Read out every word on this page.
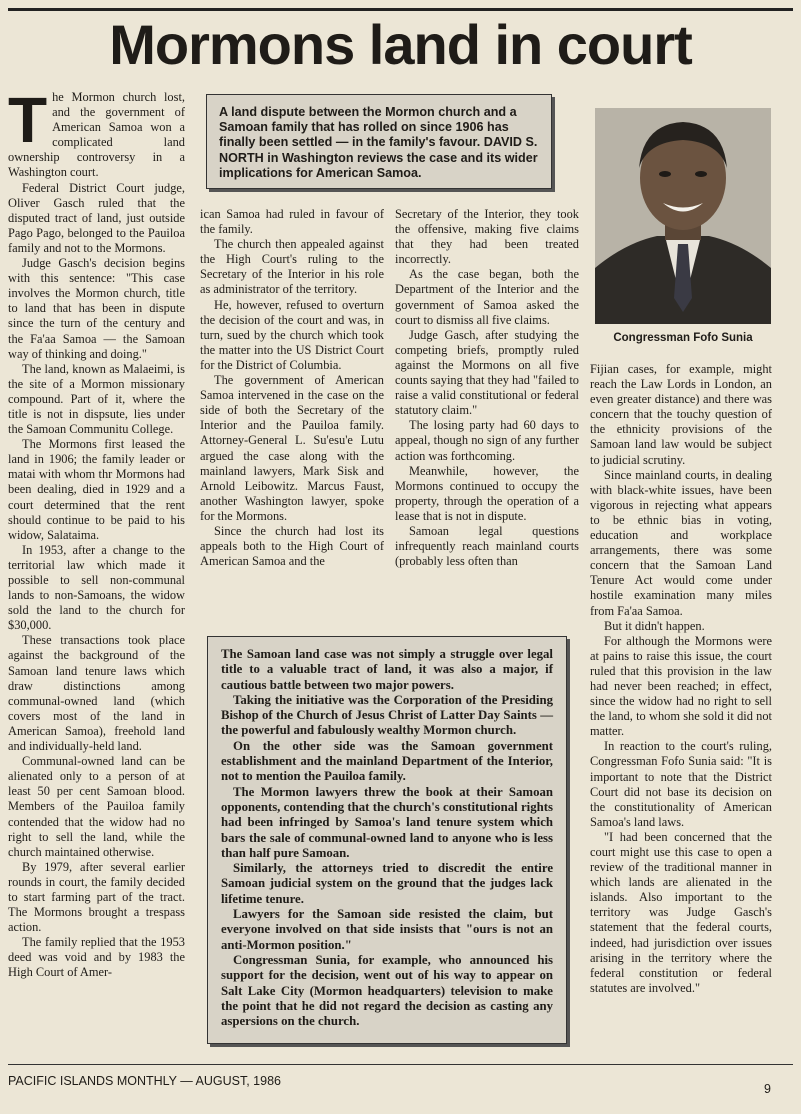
Mormons land in court
T he Mormon church lost, and the government of American Samoa won a complicated land ownership controversy in a Washington court.

Federal District Court judge, Oliver Gasch ruled that the disputed tract of land, just outside Pago Pago, belonged to the Pauiloa family and not to the Mormons.

Judge Gasch's decision begins with this sentence: "This case involves the Mormon church, title to land that has been in dispute since the turn of the century and the Fa'aa Samoa — the Samoan way of thinking and doing."

The land, known as Malaeimi, is the site of a Mormon missionary compound. Part of it, where the title is not in dispsute, lies under the Samoan Communitu College.

The Mormons first leased the land in 1906; the family leader or matai with whom thr Mormons had been dealing, died in 1929 and a court determined that the rent should continue to be paid to his widow, Salataima.

In 1953, after a change to the territorial law which made it possible to sell non-communal lands to non-Samoans, the widow sold the land to the church for $30,000.

These transactions took place against the background of the Samoan land tenure laws which draw distinctions among communal-owned land (which covers most of the land in American Samoa), freehold land and individually-held land.

Communal-owned land can be alienated only to a person of at least 50 per cent Samoan blood. Members of the Pauiloa family contended that the widow had no right to sell the land, while the church maintained otherwise.

By 1979, after several earlier rounds in court, the family decided to start farming part of the tract. The Mormons brought a trespass action.

The family replied that the 1953 deed was void and by 1983 the High Court of Amer-

A land dispute between the Mormon church and a Samoan family that has rolled on since 1906 has finally been settled — in the family's favour. DAVID S. NORTH in Washington reviews the case and its wider implications for American Samoa.

ican Samoa had ruled in favour of the family.

The church then appealed against the High Court's ruling to the Secretary of the Interior in his role as administrator of the territory.

He, however, refused to overturn the decision of the court and was, in turn, sued by the church which took the matter into the US District Court for the District of Columbia.

The government of American Samoa intervened in the case on the side of both the Secretary of the Interior and the Pauiloa family. Attorney-General L. Su'esu'e Lutu argued the case along with the mainland lawyers, Mark Sisk and Arnold Leibowitz. Marcus Faust, another Washington lawyer, spoke for the Mormons.

Since the church had lost its appeals both to the High Court of American Samoa and the

Secretary of the Interior, they took the offensive, making five claims that they had been treated incorrectly.

As the case began, both the Department of the Interior and the government of Samoa asked the court to dismiss all five claims.

Judge Gasch, after studying the competing briefs, promptly ruled against the Mormons on all five counts saying that they had "failed to raise a valid constitutional or federal statutory claim."

The losing party had 60 days to appeal, though no sign of any further action was forthcoming.

Meanwhile, however, the Mormons continued to occupy the property, through the operation of a lease that is not in dispute.

Samoan legal questions infrequently reach mainland courts (probably less often than

Congressman Fofo Sunia

Fijian cases, for example, might reach the Law Lords in London, an even greater distance) and there was concern that the touchy question of the ethnicity provisions of the Samoan land law would be subject to judicial scrutiny.

Since mainland courts, in dealing with black-white issues, have been vigorous in rejecting what appears to be ethnic bias in voting, education and workplace arrangements, there was some concern that the Samoan Land Tenure Act would come under hostile examination many miles from Fa'aa Samoa.

But it didn't happen.

For although the Mormons were at pains to raise this issue, the court ruled that this provision in the law had never been reached; in effect, since the widow had no right to sell the land, to whom she sold it did not matter.

In reaction to the court's ruling, Congressman Fofo Sunia said: "It is important to note that the District Court did not base its decision on the constitutionality of American Samoa's land laws.

"I had been concerned that the court might use this case to open a review of the traditional manner in which lands are alienated in the islands. Also important to the territory was Judge Gasch's statement that the federal courts, indeed, had jurisdiction over issues arising in the territory where the federal constitution or federal statutes are involved."

The Samoan land case was not simply a struggle over legal title to a valuable tract of land, it was also a major, if cautious battle between two major powers.

Taking the initiative was the Corporation of the Presiding Bishop of the Church of Jesus Christ of Latter Day Saints — the powerful and fabulously wealthy Mormon church.

On the other side was the Samoan government establishment and the mainland Department of the Interior, not to mention the Pauiloa family.

The Mormon lawyers threw the book at their Samoan opponents, contending that the church's constitutional rights had been infringed by Samoa's land tenure system which bars the sale of communal-owned land to anyone who is less than half pure Samoan.

Similarly, the attorneys tried to discredit the entire Samoan judicial system on the ground that the judges lack lifetime tenure.

Lawyers for the Samoan side resisted the claim, but everyone involved on that side insists that "ours is not an anti-Mormon position."

Congressman Sunia, for example, who announced his support for the decision, went out of his way to appear on Salt Lake City (Mormon headquarters) television to make the point that he did not regard the decision as casting any aspersions on the church.

PACIFIC ISLANDS MONTHLY — AUGUST, 1986
9
